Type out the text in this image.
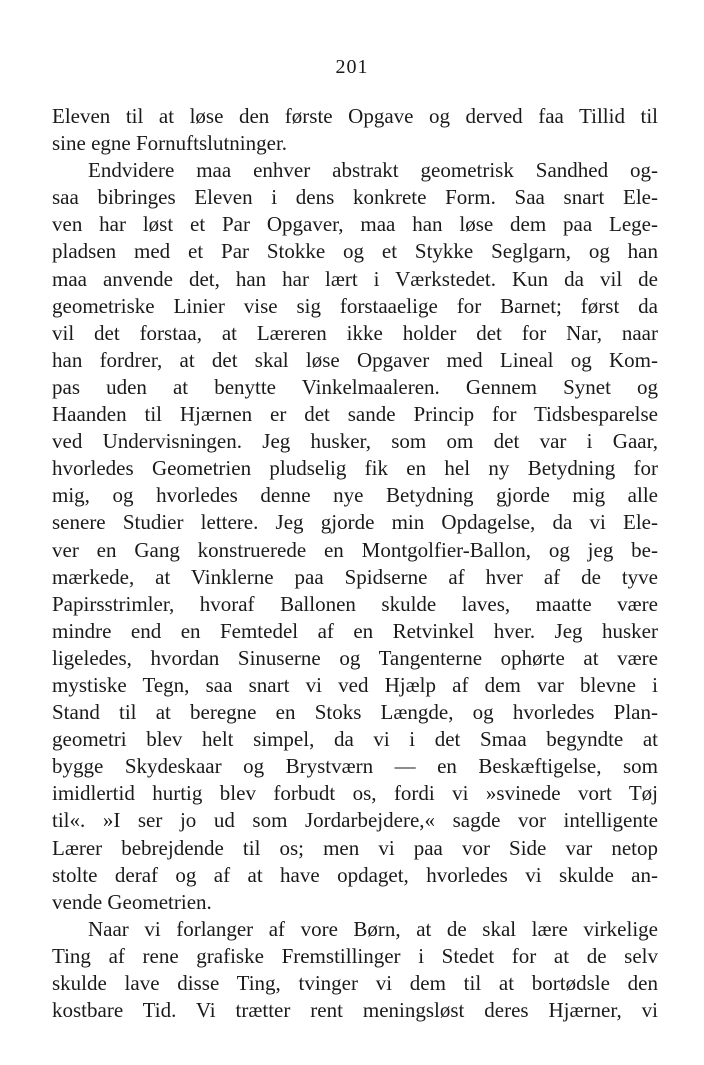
201
Eleven til at løse den første Opgave og derved faa Tillid til
sine egne Fornuftslutninger.
Endvidere maa enhver abstrakt geometrisk Sandhed og-
saa bibringes Eleven i dens konkrete Form. Saa snart Ele-
ven har løst et Par Opgaver, maa han løse dem paa Lege-
pladsen med et Par Stokke og et Stykke Seglgarn, og han
maa anvende det, han har lært i Værkstedet. Kun da vil de
geometriske Linier vise sig forstaaelige for Barnet; først da
vil det forstaa, at Læreren ikke holder det for Nar, naar
han fordrer, at det skal løse Opgaver med Lineal og Kom-
pas uden at benytte Vinkelmaaleren. Gennem Synet og
Haanden til Hjærnen er det sande Princip for Tidsbesparelse
ved Undervisningen. Jeg husker, som om det var i Gaar,
hvorledes Geometrien pludselig fik en hel ny Betydning for
mig, og hvorledes denne nye Betydning gjorde mig alle
senere Studier lettere. Jeg gjorde min Opdagelse, da vi Ele-
ver en Gang konstruerede en Montgolfier-Ballon, og jeg be-
mærkede, at Vinklerne paa Spidserne af hver af de tyve
Papirsstrimler, hvoraf Ballonen skulde laves, maatte være
mindre end en Femtedel af en Retvinkel hver. Jeg husker
ligeledes, hvordan Sinuserne og Tangenterne ophørte at være
mystiske Tegn, saa snart vi ved Hjælp af dem var blevne i
Stand til at beregne en Stoks Længde, og hvorledes Plan-
geometri blev helt simpel, da vi i det Smaa begyndte at
bygge Skydeskaar og Brystværn — en Beskæftigelse, som
imidlertid hurtig blev forbudt os, fordi vi »svinede vort Tøj
til«. »I ser jo ud som Jordarbejdere,« sagde vor intelligente
Lærer bebrejdende til os; men vi paa vor Side var netop
stolte deraf og af at have opdaget, hvorledes vi skulde an-
vende Geometrien.
Naar vi forlanger af vore Børn, at de skal lære virkelige
Ting af rene grafiske Fremstillinger i Stedet for at de selv
skulde lave disse Ting, tvinger vi dem til at bortødsle den
kostbare Tid. Vi trætter rent meningsløst deres Hjærner, vi
